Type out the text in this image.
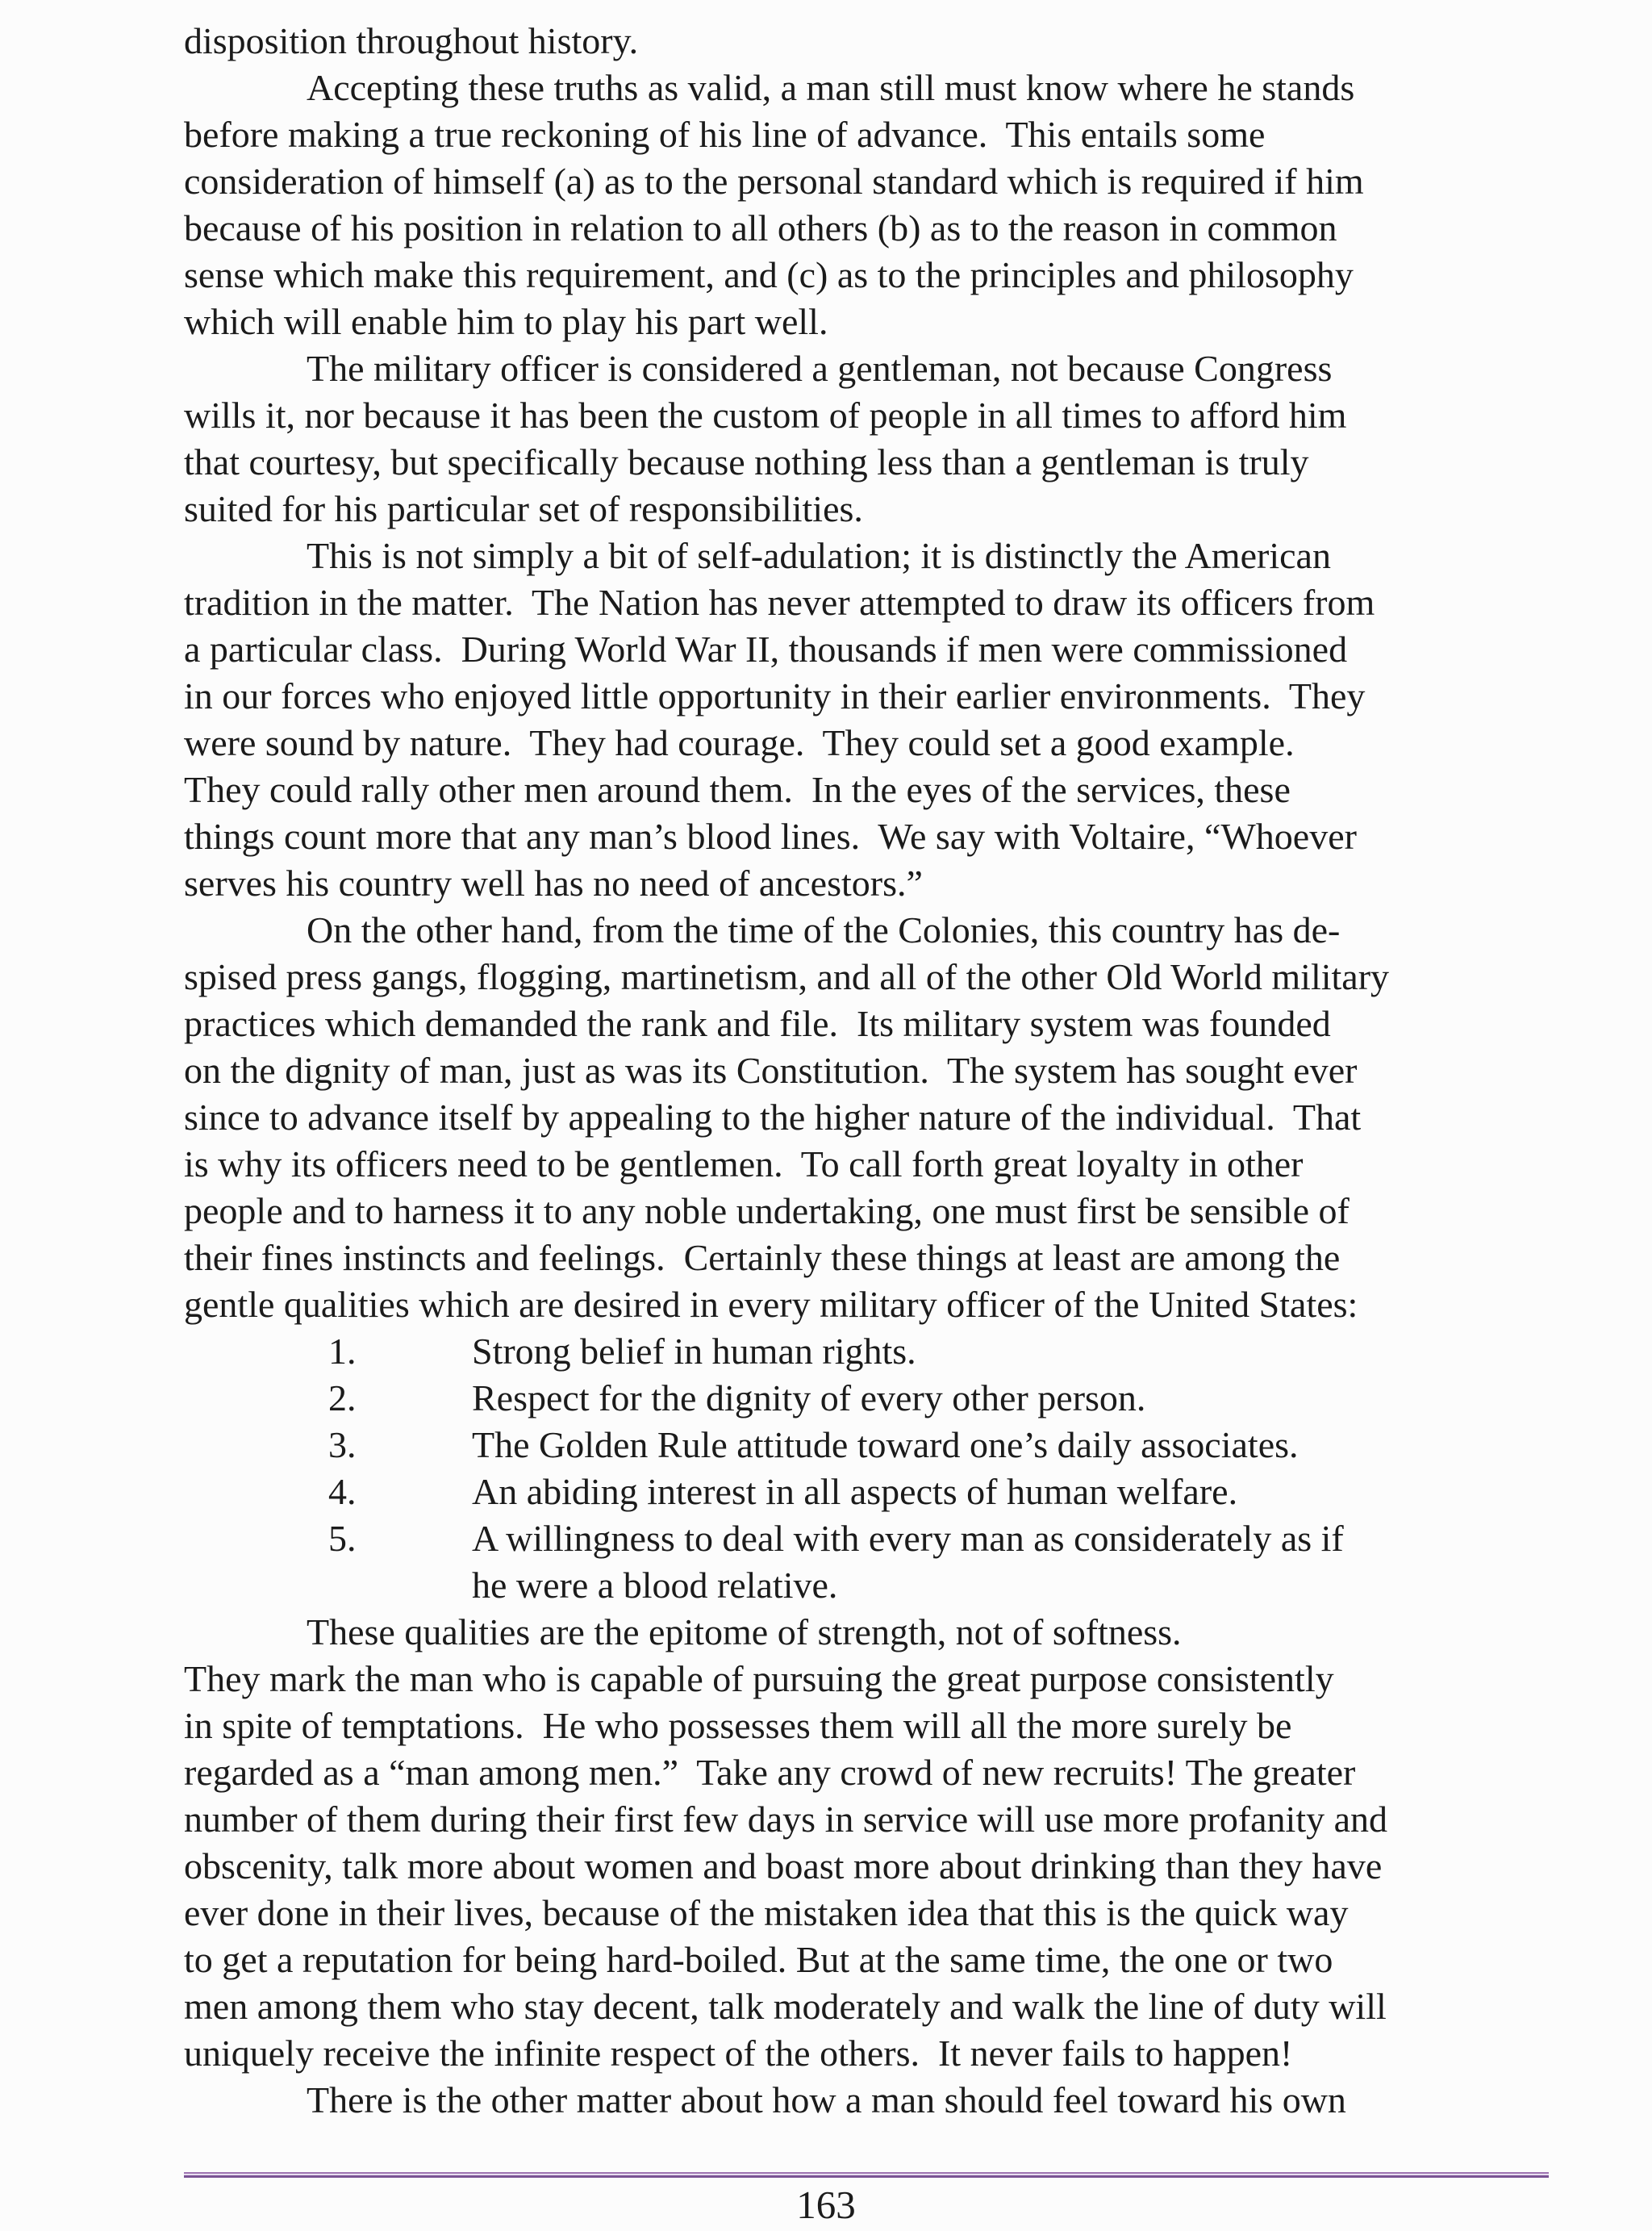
disposition throughout history.
Accepting these truths as valid, a man still must know where he stands
before making a true reckoning of his line of advance.  This entails some
consideration of himself (a) as to the personal standard which is required if him
because of his position in relation to all others (b) as to the reason in common
sense which make this requirement, and (c) as to the principles and philosophy
which will enable him to play his part well.
The military officer is considered a gentleman, not because Congress
wills it, nor because it has been the custom of people in all times to afford him
that courtesy, but specifically because nothing less than a gentleman is truly
suited for his particular set of responsibilities.
This is not simply a bit of self-adulation; it is distinctly the American
tradition in the matter.  The Nation has never attempted to draw its officers from
a particular class.  During World War II, thousands if men were commissioned
in our forces who enjoyed little opportunity in their earlier environments.  They
were sound by nature.  They had courage.  They could set a good example.
They could rally other men around them.  In the eyes of the services, these
things count more that any man’s blood lines.  We say with Voltaire, “Whoever
serves his country well has no need of ancestors.”
On the other hand, from the time of the Colonies, this country has de-
spised press gangs, flogging, martinetism, and all of the other Old World military
practices which demanded the rank and file.  Its military system was founded
on the dignity of man, just as was its Constitution.  The system has sought ever
since to advance itself by appealing to the higher nature of the individual.  That
is why its officers need to be gentlemen.  To call forth great loyalty in other
people and to harness it to any noble undertaking, one must first be sensible of
their fines instincts and feelings.  Certainly these things at least are among the
gentle qualities which are desired in every military officer of the United States:
1.	Strong belief in human rights.
2.	Respect for the dignity of every other person.
3.	The Golden Rule attitude toward one’s daily associates.
4.	An abiding interest in all aspects of human welfare.
5.	A willingness to deal with every man as considerately as if
he were a blood relative.
These qualities are the epitome of strength, not of softness.
They mark the man who is capable of pursuing the great purpose consistently
in spite of temptations.  He who possesses them will all the more surely be
regarded as a “man among men.”  Take any crowd of new recruits! The greater
number of them during their first few days in service will use more profanity and
obscenity, talk more about women and boast more about drinking than they have
ever done in their lives, because of the mistaken idea that this is the quick way
to get a reputation for being hard-boiled. But at the same time, the one or two
men among them who stay decent, talk moderately and walk the line of duty will
uniquely receive the infinite respect of the others.  It never fails to happen!
There is the other matter about how a man should feel toward his own
163
